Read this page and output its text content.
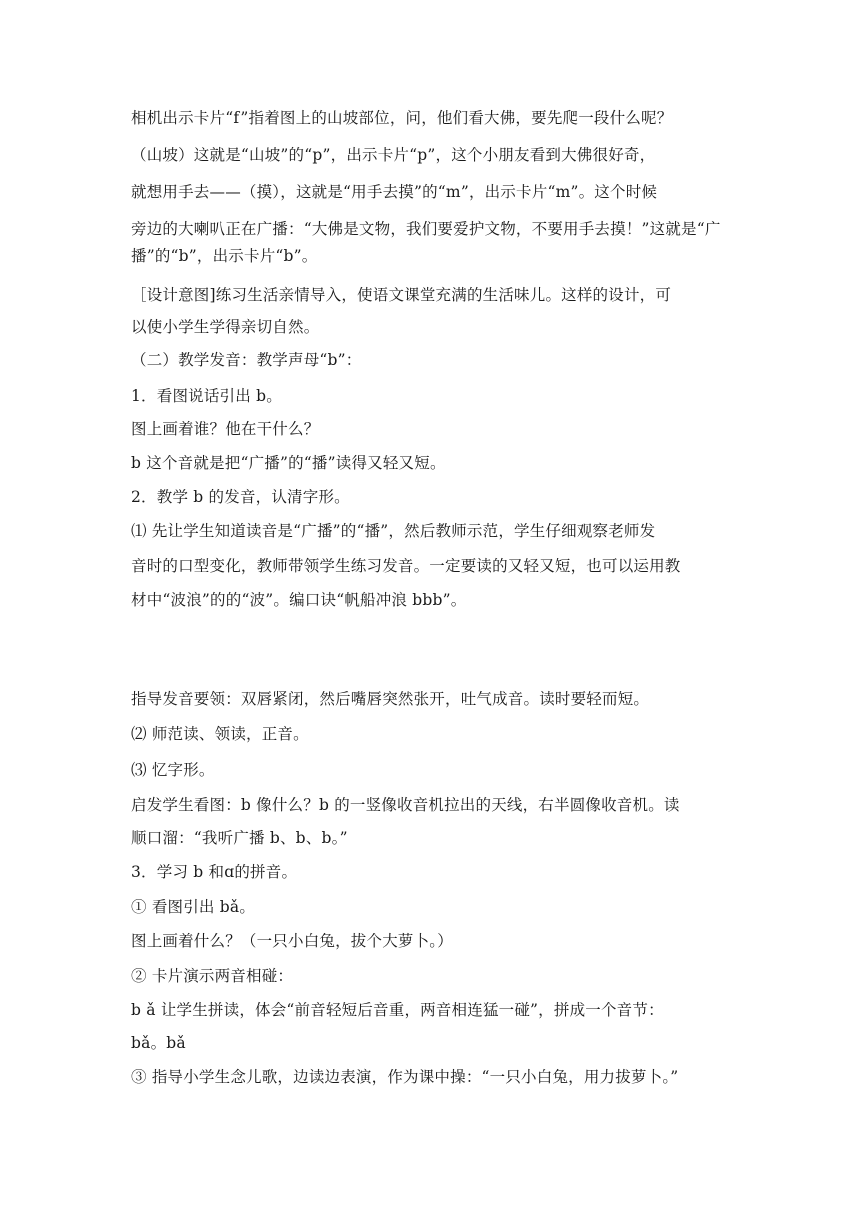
相机出示卡片“f”指着图上的山坡部位，问，他们看大佛，要先爬一段什么呢？
（山坡）这就是“山坡”的“p”，出示卡片“p”，这个小朋友看到大佛很好奇，
就想用手去——（摸），这就是“用手去摸”的“m”，出示卡片“m”。这个时候
旁边的大喇叭正在广播：“大佛是文物，我们要爱护文物，不要用手去摸！”这就是“广
播”的“b”，出示卡片“b”。
［设计意图]练习生活亲情导入，使语文课堂充满的生活味儿。这样的设计，可
以使小学生学得亲切自然。
（二）教学发音：教学声母“b”：
1．看图说话引出 b。
图上画着谁？他在干什么？
b 这个音就是把“广播”的“播”读得又轻又短。
2．教学 b 的发音，认清字形。
⑴ 先让学生知道读音是“广播”的“播”，然后教师示范，学生仔细观察老师发
音时的口型变化，教师带领学生练习发音。一定要读的又轻又短，也可以运用教
材中“波浪”的的“波”。编口诀“帆船冲浪 bbb”。
指导发音要领：双唇紧闭，然后嘴唇突然张开，吐气成音。读时要轻而短。
⑵ 师范读、领读，正音。
⑶ 忆字形。
启发学生看图：b 像什么？b 的一竖像收音机拉出的天线，右半圆像收音机。读
顺口溜：“我听广播 b、b、b。”
3．学习 b 和ɑ的拼音。
① 看图引出 bǎ。
图上画着什么？（一只小白兔，拔个大萝卜。）
② 卡片演示两音相碰：
b ǎ 让学生拼读，体会“前音轻短后音重，两音相连猛一碰”，拼成一个音节：
bǎ。bǎ
③ 指导小学生念儿歌，边读边表演，作为课中操：“一只小白兔，用力拔萝卜。”
